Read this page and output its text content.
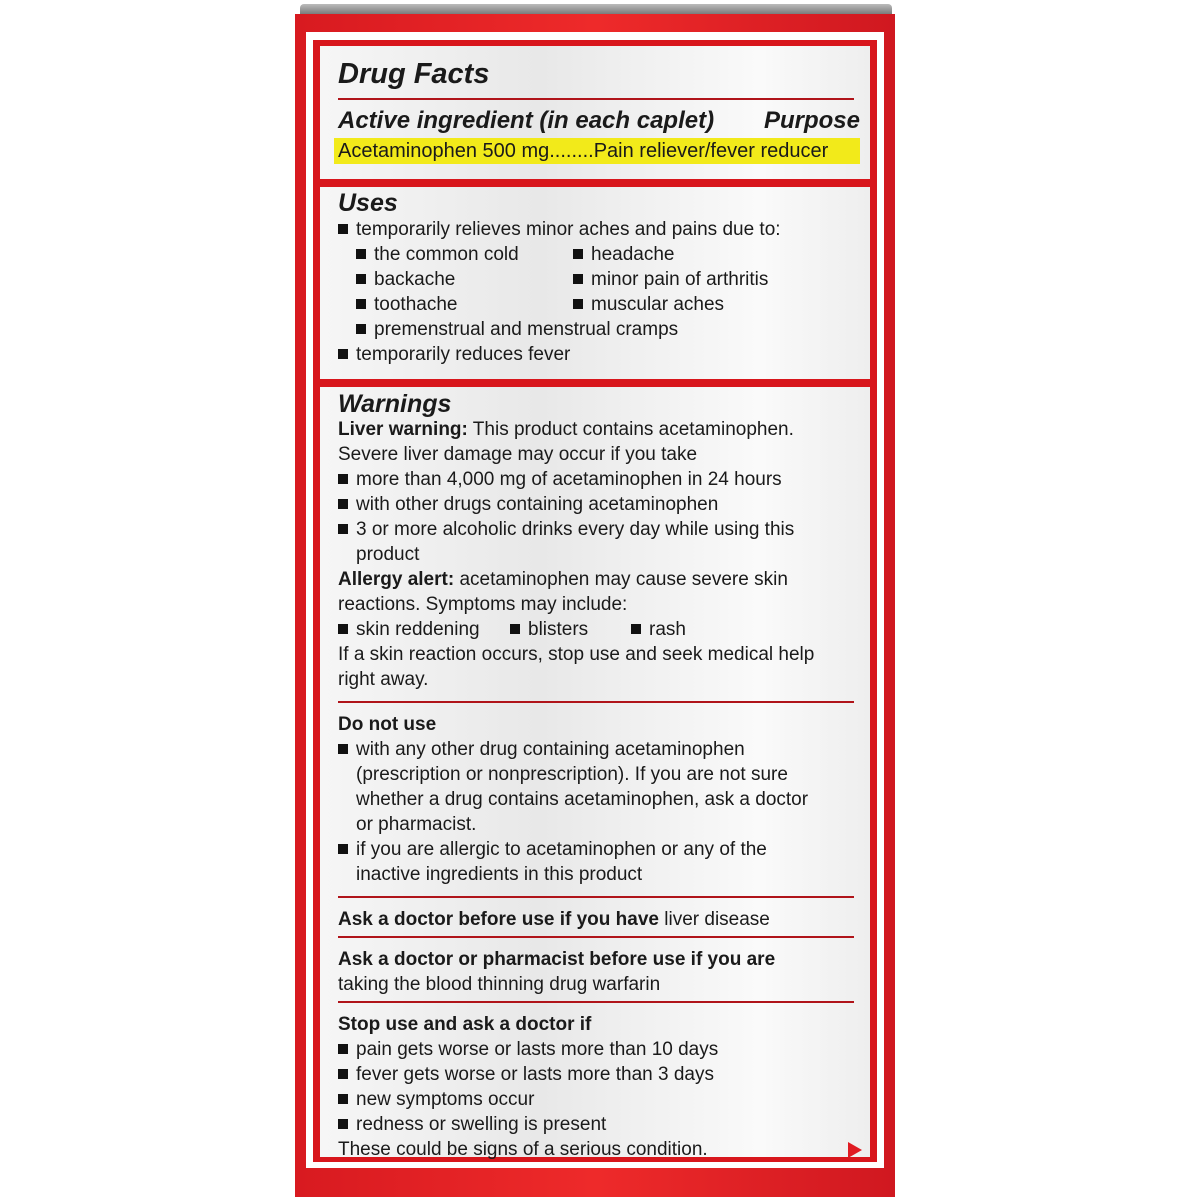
Drug Facts
Active ingredient (in each caplet) Purpose
Acetaminophen 500 mg........Pain reliever/fever reducer
Uses
temporarily relieves minor aches and pains due to:
the common cold	headache
backache	minor pain of arthritis
toothache	muscular aches
premenstrual and menstrual cramps
temporarily reduces fever
Warnings
Liver warning: This product contains acetaminophen.
Severe liver damage may occur if you take
more than 4,000 mg of acetaminophen in 24 hours
with other drugs containing acetaminophen
3 or more alcoholic drinks every day while using this
product
Allergy alert: acetaminophen may cause severe skin
reactions. Symptoms may include:
skin reddening	blisters	rash
If a skin reaction occurs, stop use and seek medical help
right away.
Do not use
with any other drug containing acetaminophen
(prescription or nonprescription). If you are not sure
whether a drug contains acetaminophen, ask a doctor
or pharmacist.
if you are allergic to acetaminophen or any of the
inactive ingredients in this product
Ask a doctor before use if you have liver disease
Ask a doctor or pharmacist before use if you are
taking the blood thinning drug warfarin
Stop use and ask a doctor if
pain gets worse or lasts more than 10 days
fever gets worse or lasts more than 3 days
new symptoms occur
redness or swelling is present
These could be signs of a serious condition.
